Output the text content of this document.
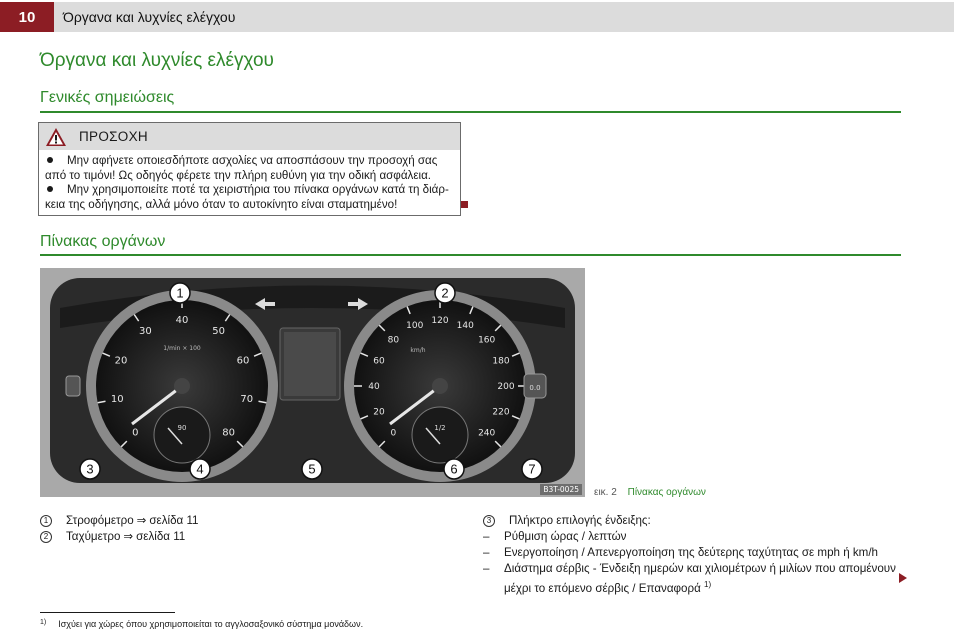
10	Όργανα και λυχνίες ελέγχου
Όργανα και λυχνίες ελέγχου
Γενικές σημειώσεις
ΠΡΟΣΟΧΗ

Μην αφήνετε οποιεσδήποτε ασχολίες να αποσπάσουν την προσοχή σας από το τιμόνι! Ως οδηγός φέρετε την πλήρη ευθύνη για την οδική ασφάλεια.

Μην χρησιμοποιείτε ποτέ τα χειριστήρια του πίνακα οργάνων κατά τη διάρ-κεια της οδήγησης, αλλά μόνο όταν το αυτοκίνητο είναι σταματημένο!

Πίνακας οργάνων
0
10
20
30
40
50
60
70
80
1/min × 100
90
0
20
40
60
80
100
120
140
160
180
200
220
240
km/h
1/2
0.0
1	2
3	4	5	6	7
B3T-0025	εικ. 2 Πίνακας οργάνων
1 Στροφόμετρο ⇒ σελίδα 11
2 Ταχύμετρο ⇒ σελίδα 11
3 Πλήκτρο επιλογής ένδειξης:
– Ρύθμιση ώρας / λεπτών
– Ενεργοποίηση / Απενεργοποίηση της δεύτερης ταχύτητας σε mph ή km/h
– Διάστημα σέρβις - Ένδειξη ημερών και χιλιομέτρων ή μιλίων που απομένουν μέχρι το επόμενο σέρβις / Επαναφορά $^{1)}$
$^{1)}$ Ισχύει για χώρες όπου χρησιμοποιείται το αγγλοσαξονικό σύστημα μονάδων.
